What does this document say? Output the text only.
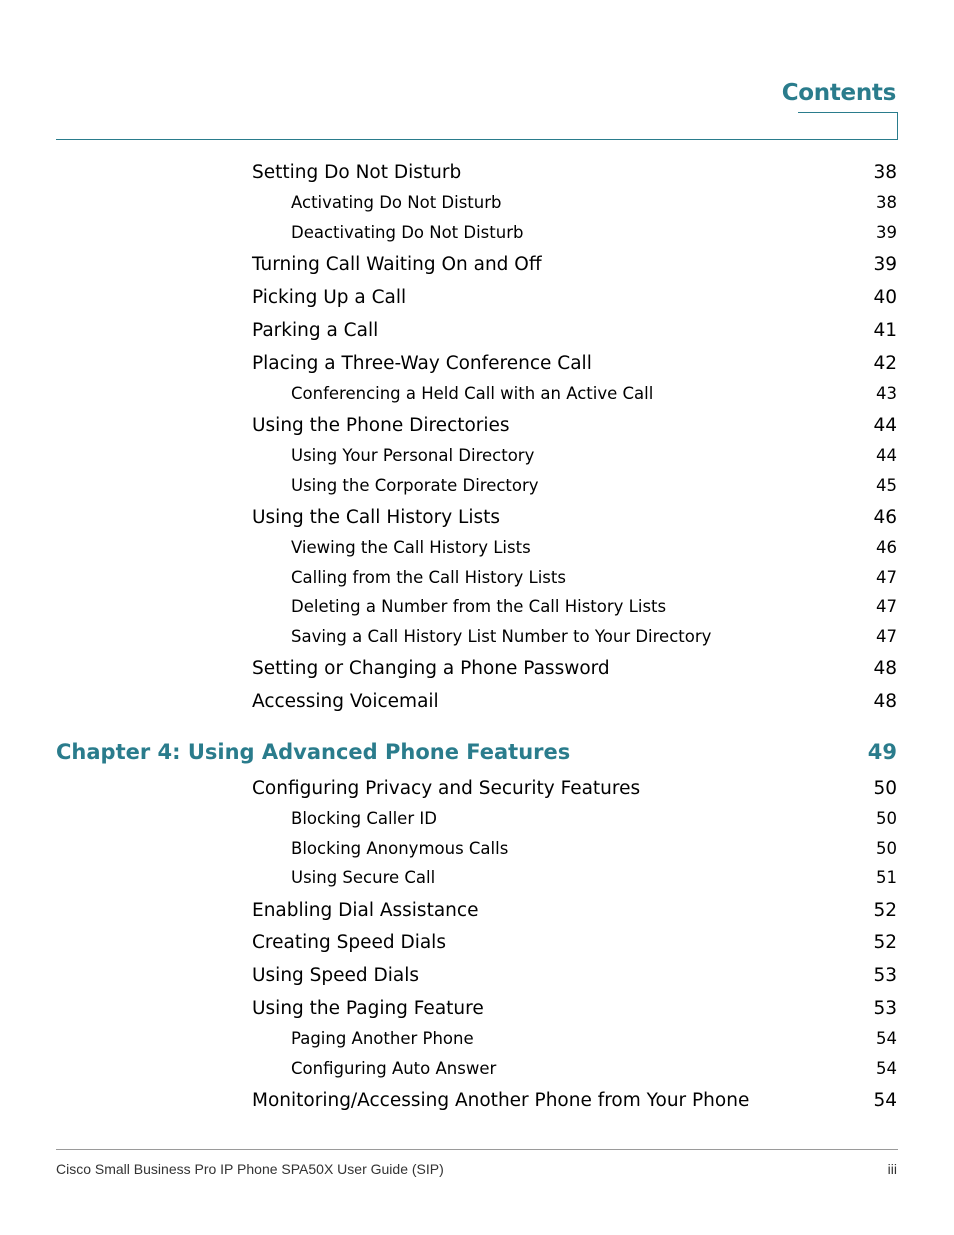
Contents
Setting Do Not Disturb	38
Activating Do Not Disturb	38
Deactivating Do Not Disturb	39
Turning Call Waiting On and Off	39
Picking Up a Call	40
Parking a Call	41
Placing a Three-Way Conference Call	42
Conferencing a Held Call with an Active Call	43
Using the Phone Directories	44
Using Your Personal Directory	44
Using the Corporate Directory	45
Using the Call History Lists	46
Viewing the Call History Lists	46
Calling from the Call History Lists	47
Deleting a Number from the Call History Lists	47
Saving a Call History List Number to Your Directory	47
Setting or Changing a Phone Password	48
Accessing Voicemail	48
Chapter 4: Using Advanced Phone Features	49
Configuring Privacy and Security Features	50
Blocking Caller ID	50
Blocking Anonymous Calls	50
Using Secure Call	51
Enabling Dial Assistance	52
Creating Speed Dials	52
Using Speed Dials	53
Using the Paging Feature	53
Paging Another Phone	54
Configuring Auto Answer	54
Monitoring/Accessing Another Phone from Your Phone	54
Cisco Small Business Pro IP Phone SPA50X User Guide (SIP)	iii
